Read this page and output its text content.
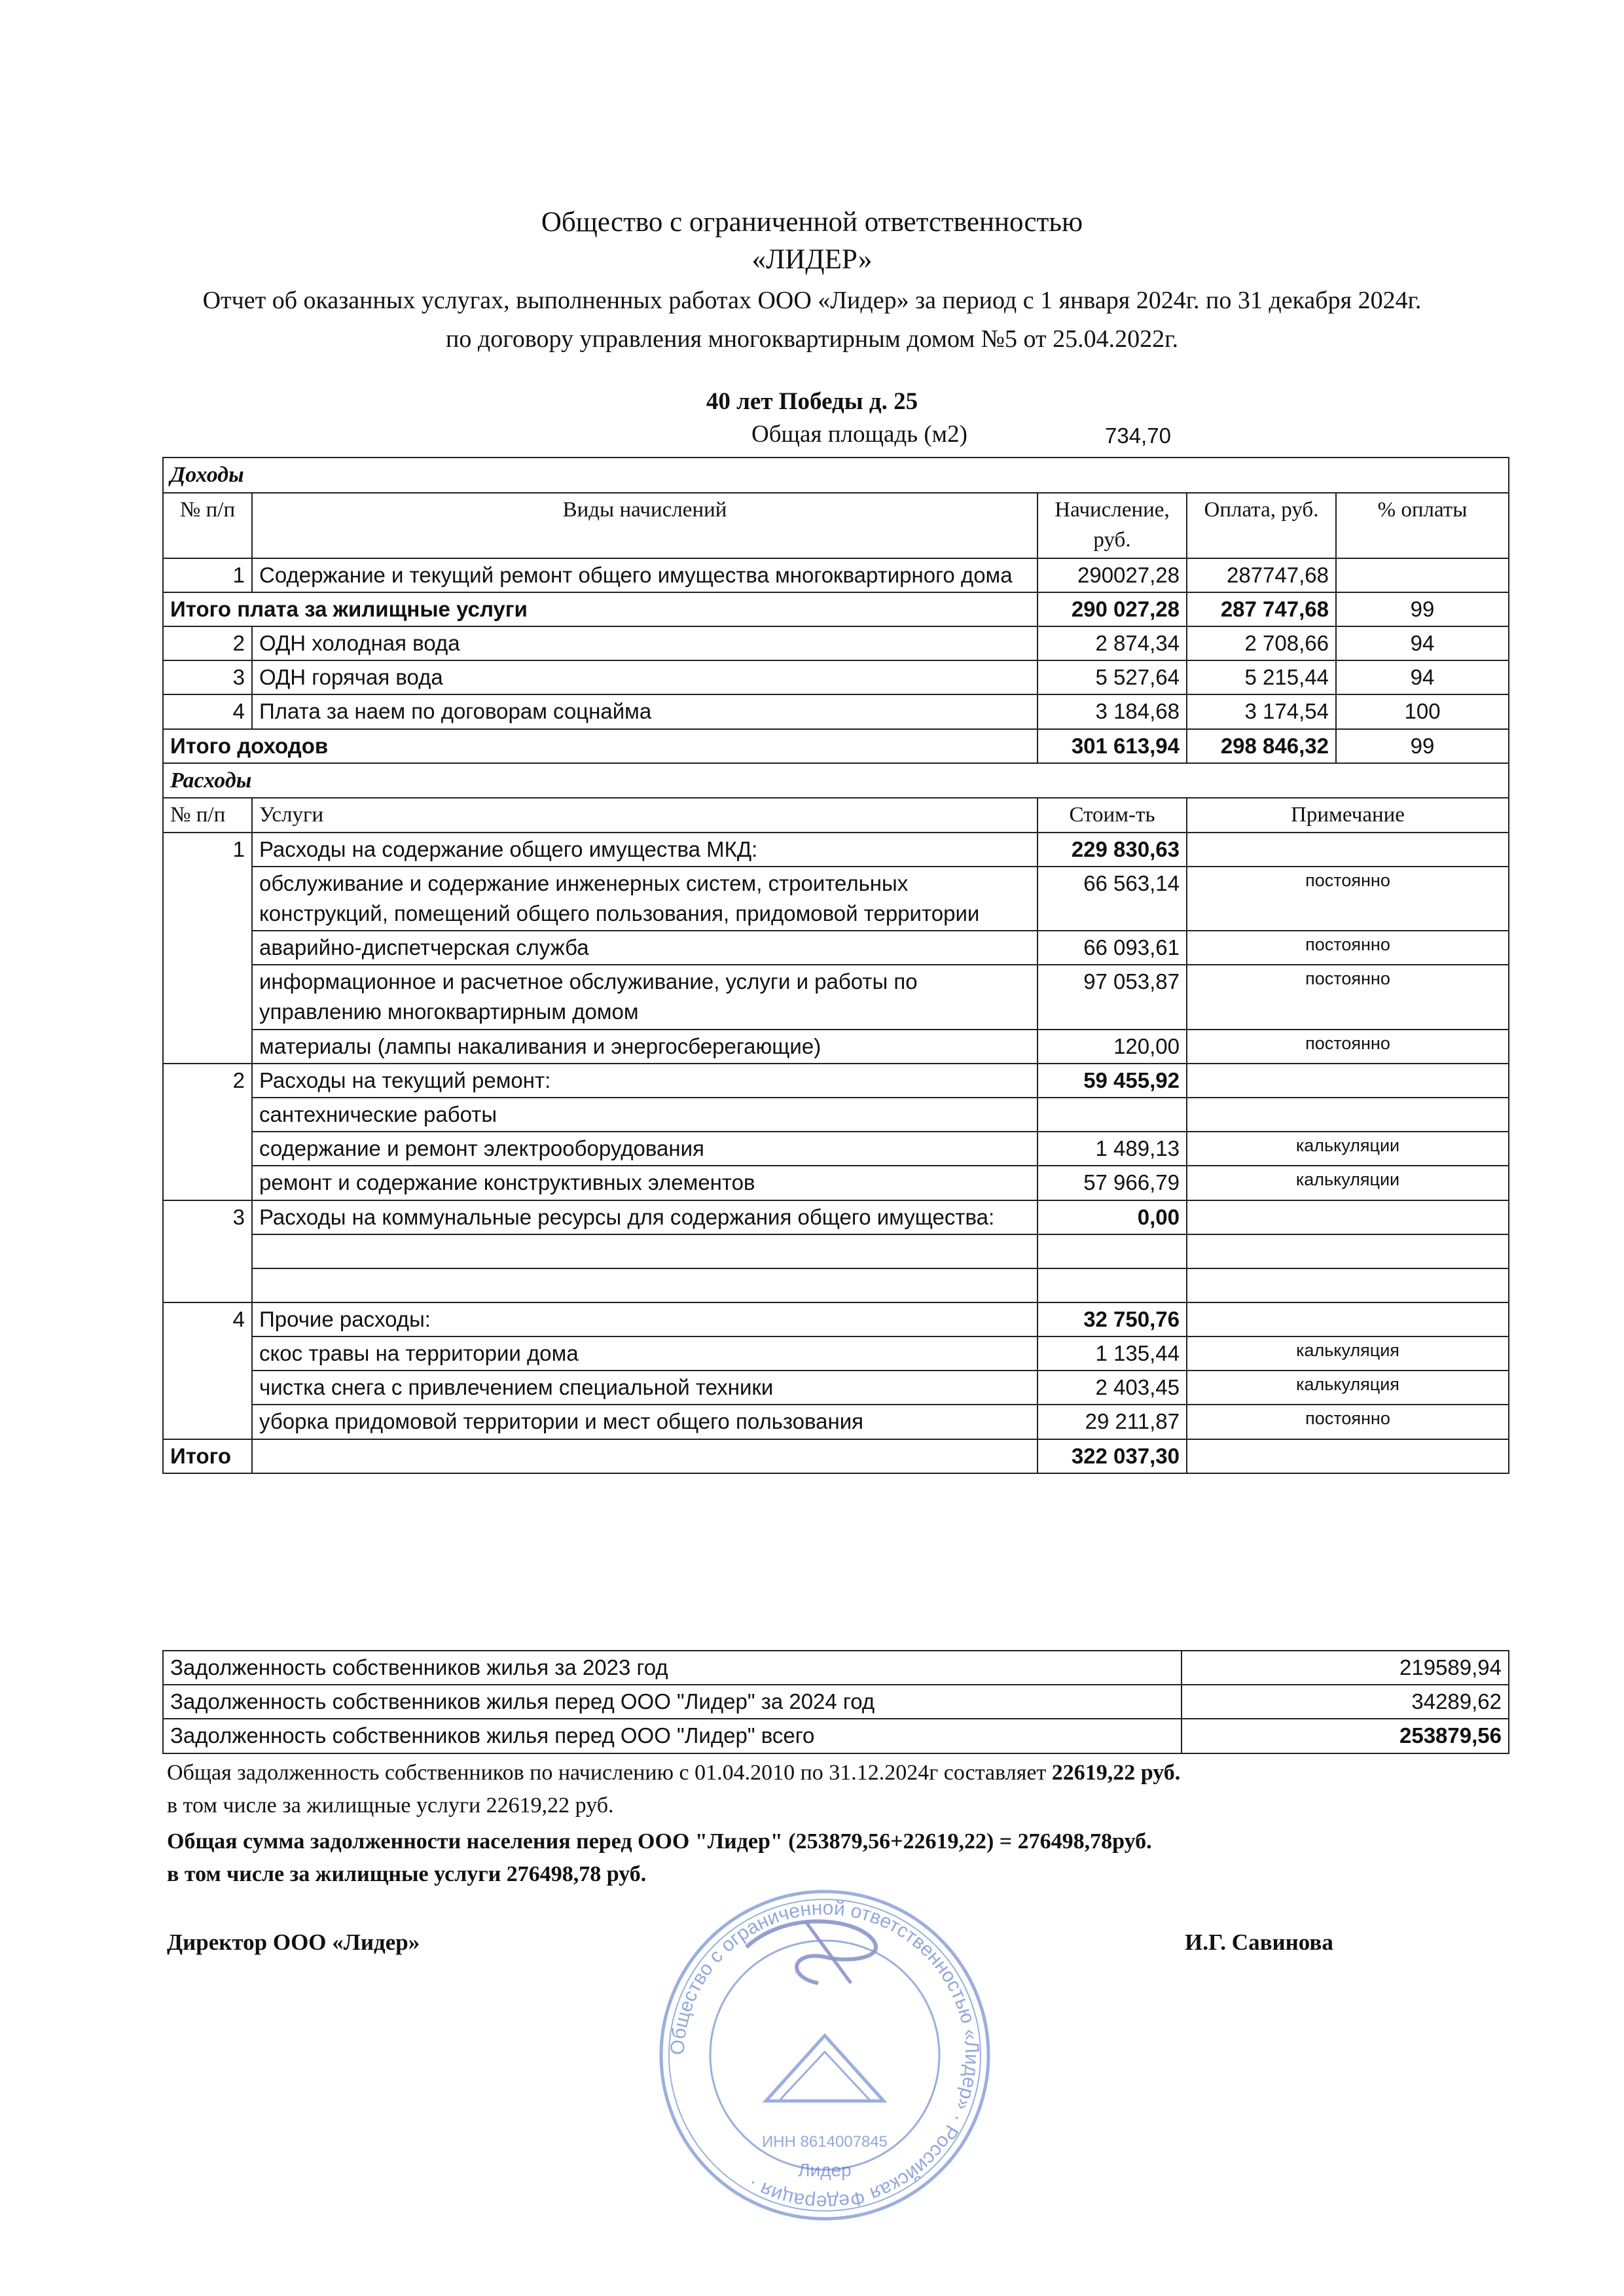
Общество с ограниченной ответственностью
«ЛИДЕР»
Отчет об оказанных услугах, выполненных работах ООО «Лидер» за период с 1 января 2024г. по 31 декабря 2024г.
по договору управления многоквартирным домом №5 от 25.04.2022г.
40 лет Победы д. 25
Общая площадь (м2)	734,70
Доходы				
№ п/п	Виды начислений	Начисление, руб.	Оплата, руб.	% оплаты
1	Содержание и текущий ремонт общего имущества многоквартирного дома	290027,28	287747,68	
Итого плата за жилищные услуги		290 027,28	287 747,68	99
2	ОДН холодная вода	2 874,34	2 708,66	94
3	ОДН горячая вода	5 527,64	5 215,44	94
4	Плата за наем по договорам соцнайма	3 184,68	3 174,54	100
Итого доходов		301 613,94	298 846,32	99
Расходы				
№ п/п	Услуги	Стоим-ть	Примечание	
1	Расходы на содержание общего имущества МКД:	229 830,63		
	обслуживание и содержание инженерных систем, строительных конструкций, помещений общего пользования, придомовой территории	66 563,14	постоянно	
	аварийно-диспетчерская служба	66 093,61	постоянно	
	информационное и расчетное обслуживание, услуги и работы по управлению многоквартирным домом	97 053,87	постоянно	
	материалы (лампы накаливания и энергосберегающие)	120,00	постоянно	
2	Расходы на текущий ремонт:	59 455,92		
	сантехнические работы			
	содержание и ремонт электрооборудования	1 489,13	калькуляции	
	ремонт и содержание конструктивных элементов	57 966,79	калькуляции	
3	Расходы на коммунальные ресурсы для содержания общего имущества:	0,00		

4	Прочие расходы:	32 750,76		
	скос травы на территории дома	1 135,44	калькуляция	
	чистка снега с привлечением специальной техники	2 403,45	калькуляция	
	уборка придомовой территории и мест общего пользования	29 211,87	постоянно	
Итого		322 037,30		
Задолженность собственников жилья за 2023 год	219589,94
Задолженность собственников жилья перед ООО "Лидер" за 2024 год	34289,62
Задолженность собственников жилья перед ООО "Лидер" всего	253879,56
Общая задолженность собственников по начислению с 01.04.2010 по 31.12.2024г составляет 22619,22 руб.
в том числе за жилищные услуги 22619,22 руб.
Общая сумма задолженности населения перед ООО "Лидер" (253879,56+22619,22) = 276498,78руб.
в том числе за жилищные услуги 276498,78 руб.
Директор ООО «Лидер»	И.Г. Савинова
Общество с ограниченной ответственностью «Лидер» · Российская Федерация ·
ИНН 8614007845
Лидер
